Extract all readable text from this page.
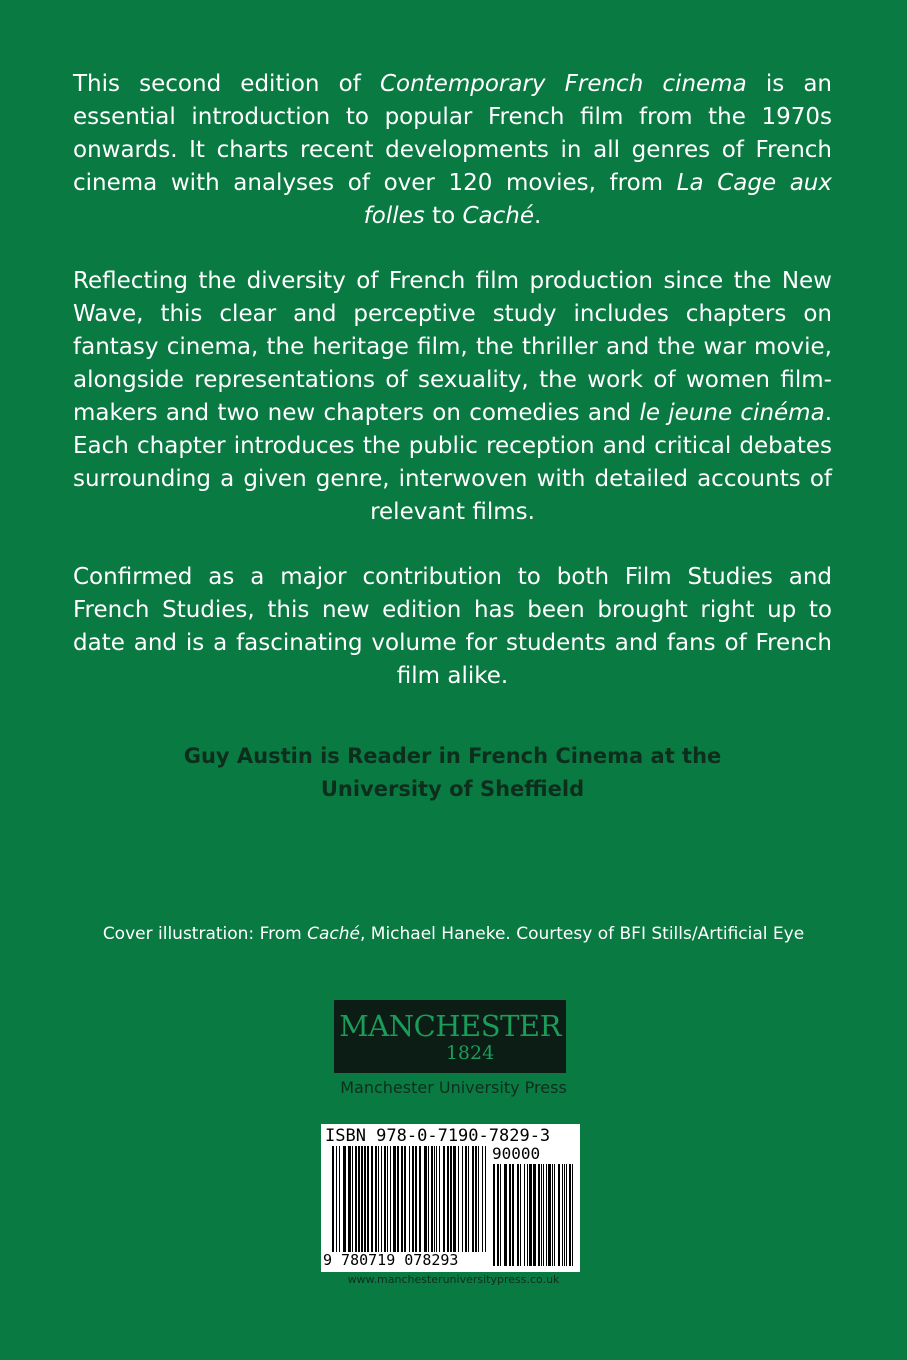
This second edition of Contemporary French cinema is an essential introduction to popular French film from the 1970s onwards. It charts recent developments in all genres of French cinema with analyses of over 120 movies, from La Cage aux folles to Caché.

Reflecting the diversity of French film production since the New Wave, this clear and perceptive study includes chapters on fantasy cinema, the heritage film, the thriller and the war movie, alongside representations of sexuality, the work of women film-makers and two new chapters on comedies and le jeune cinéma. Each chapter introduces the public reception and critical debates surrounding a given genre, interwoven with detailed accounts of relevant films.

Confirmed as a major contribution to both Film Studies and French Studies, this new edition has been brought right up to date and is a fascinating volume for students and fans of French film alike.

Guy Austin is Reader in French Cinema at the
University of Sheffield

Cover illustration: From Caché, Michael Haneke. Courtesy of BFI Stills/Artificial Eye

MANCHESTER
1824
Manchester University Press
ISBN 978-0-7190-7829-3
90000
9 780719 078293
www.manchesteruniversitypress.co.uk
